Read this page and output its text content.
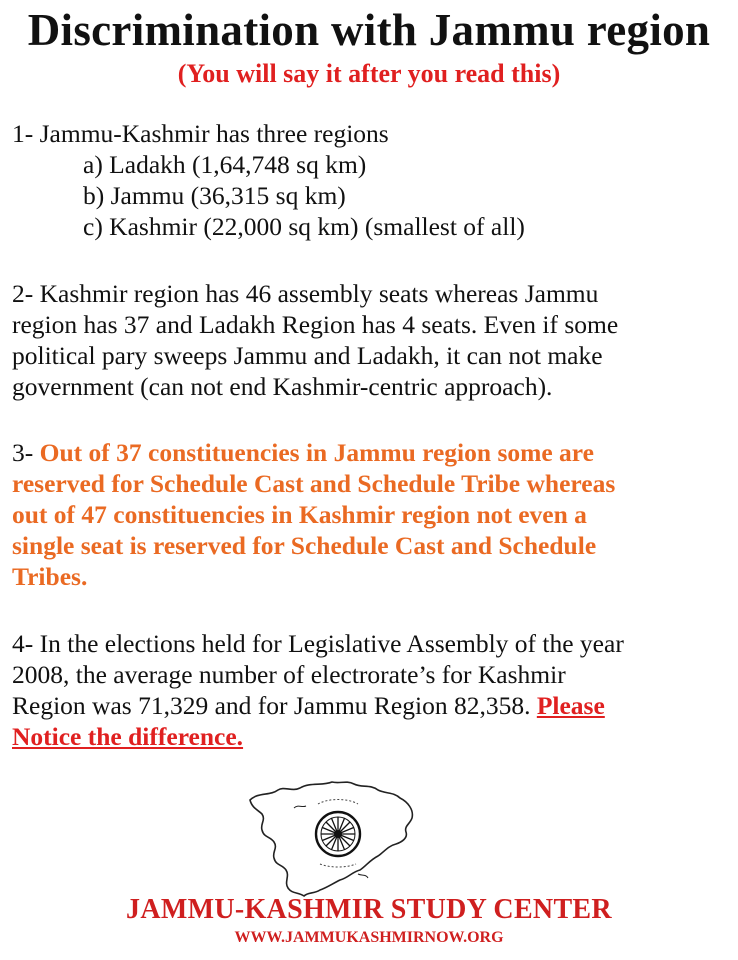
Discrimination with Jammu region
(You will say it after you read this)
1- Jammu-Kashmir has three regions
a) Ladakh (1,64,748 sq km)
b) Jammu (36,315 sq km)
c) Kashmir (22,000 sq km) (smallest of all)
2- Kashmir region has 46 assembly seats whereas Jammu
region has 37 and Ladakh Region has 4 seats. Even if some
political pary sweeps Jammu and Ladakh, it can not make
government (can not end Kashmir-centric approach).
3- Out of 37 constituencies in Jammu region some are
reserved for Schedule Cast and Schedule Tribe whereas
out of 47 constituencies in Kashmir region not even a
single seat is reserved for Schedule Cast and Schedule
Tribes.
4- In the elections held for Legislative Assembly of the year
2008, the average number of electrorate’s for Kashmir
Region was 71,329 and for Jammu Region 82,358. Please
Notice the difference.
JAMMU-KASHMIR STUDY CENTER
WWW.JAMMUKASHMIRNOW.ORG
